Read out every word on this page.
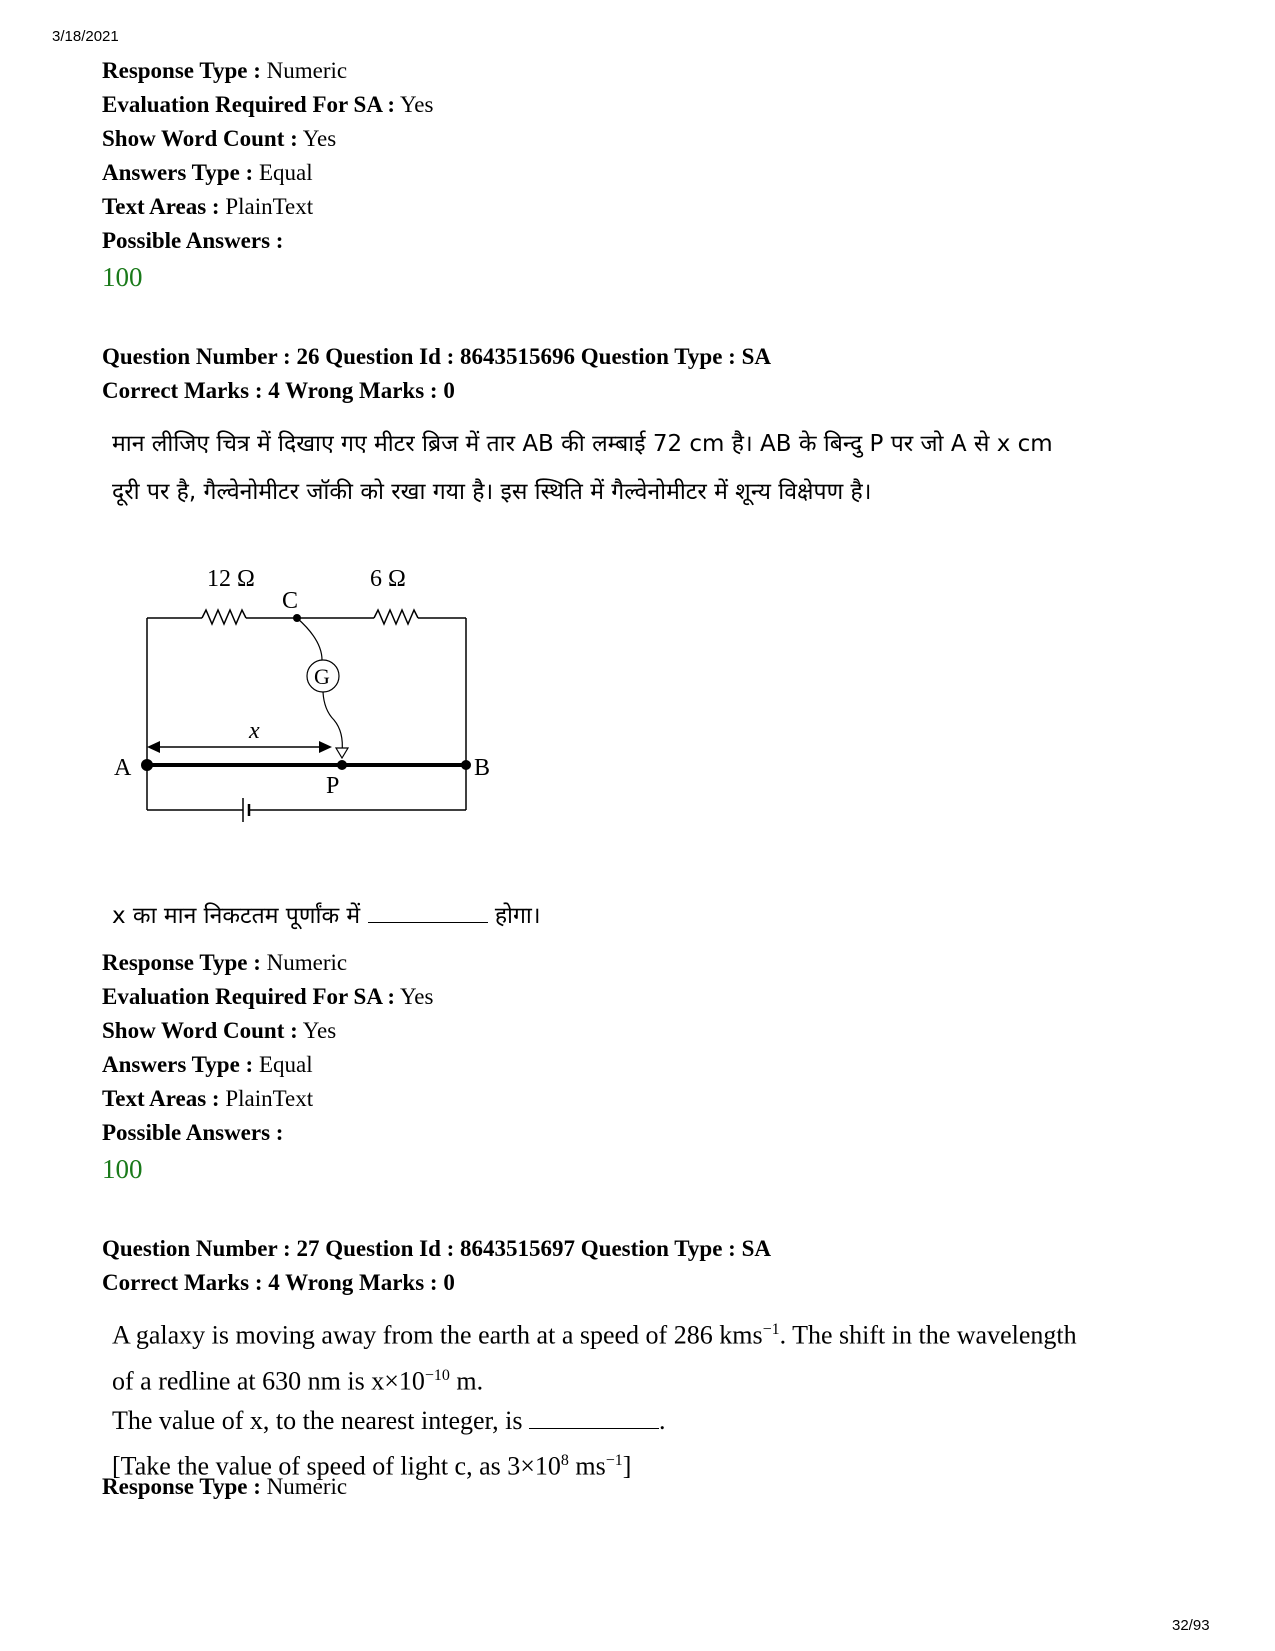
3/18/2021
Response Type : Numeric
Evaluation Required For SA : Yes
Show Word Count : Yes
Answers Type : Equal
Text Areas : PlainText
Possible Answers :
100
Question Number : 26 Question Id : 8643515696 Question Type : SA
Correct Marks : 4 Wrong Marks : 0
मान लीजिए चित्र में दिखाए गए मीटर ब्रिज में तार AB की लम्बाई 72 cm है। AB के बिन्दु P पर जो A से x cm
दूरी पर है, गैल्वेनोमीटर जॉकी को रखा गया है। इस स्थिति में गैल्वेनोमीटर में शून्य विक्षेपण है।
12 Ω	6 Ω
C
G
x
A	B
P
x का मान निकटतम पूर्णांक में	होगा।
Response Type : Numeric
Evaluation Required For SA : Yes
Show Word Count : Yes
Answers Type : Equal
Text Areas : PlainText
Possible Answers :
100
Question Number : 27 Question Id : 8643515697 Question Type : SA
Correct Marks : 4 Wrong Marks : 0
A galaxy is moving away from the earth at a speed of 286 kms$^{-1}$. The shift in the wavelength
of a redline at 630 nm is $x\times 10^{-10}$ m.
The value of x, to the nearest integer, is	.
[Take the value of speed of light c, as $3\times 10^8$ $ms^{-1}$]
Response Type : Numeric
32/93
